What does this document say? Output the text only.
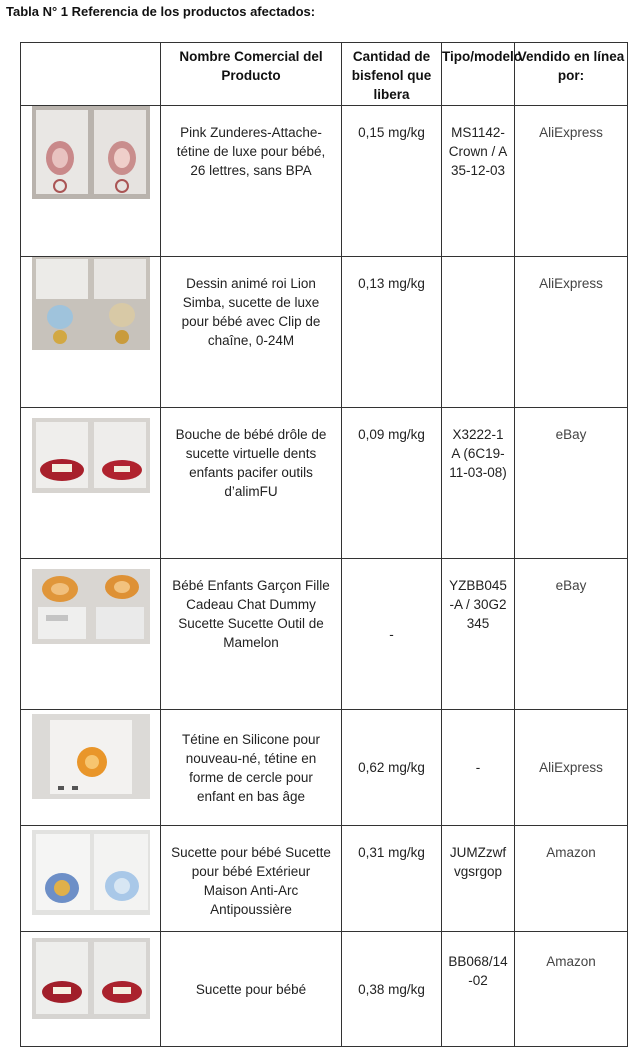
Tabla N° 1 Referencia de los productos afectados:
	Nombre Comercial del Producto	Cantidad de bisfenol que libera	Tipo/modelo	Vendido en línea por:

	Pink Zunderes-Attache-tétine de luxe pour bébé, 26 lettres, sans BPA	0,15 mg/kg	MS1142-Crown / A35-12-03	AliExpress

	Dessin animé roi Lion Simba, sucette de luxe pour bébé avec Clip de chaîne, 0-24M	0,13 mg/kg		AliExpress

	Bouche de bébé drôle de sucette virtuelle dents enfants pacifer outils d’alimFU	0,09 mg/kg	X3222-1A (6C19-11-03-08)	eBay

	Bébé Enfants Garçon Fille Cadeau Chat Dummy Sucette Sucette Outil de Mamelon	-	YZBB045-A / 30G2345	eBay

	Tétine en Silicone pour nouveau-né, tétine en forme de cercle pour enfant en bas âge	0,62 mg/kg	-	AliExpress

	Sucette pour bébé Sucette pour bébé Extérieur Maison Anti-Arc Antipoussière	0,31 mg/kg	JUMZzwfvgsrgop	Amazon

	Sucette pour bébé	0,38 mg/kg	BB068/14-02	Amazon
